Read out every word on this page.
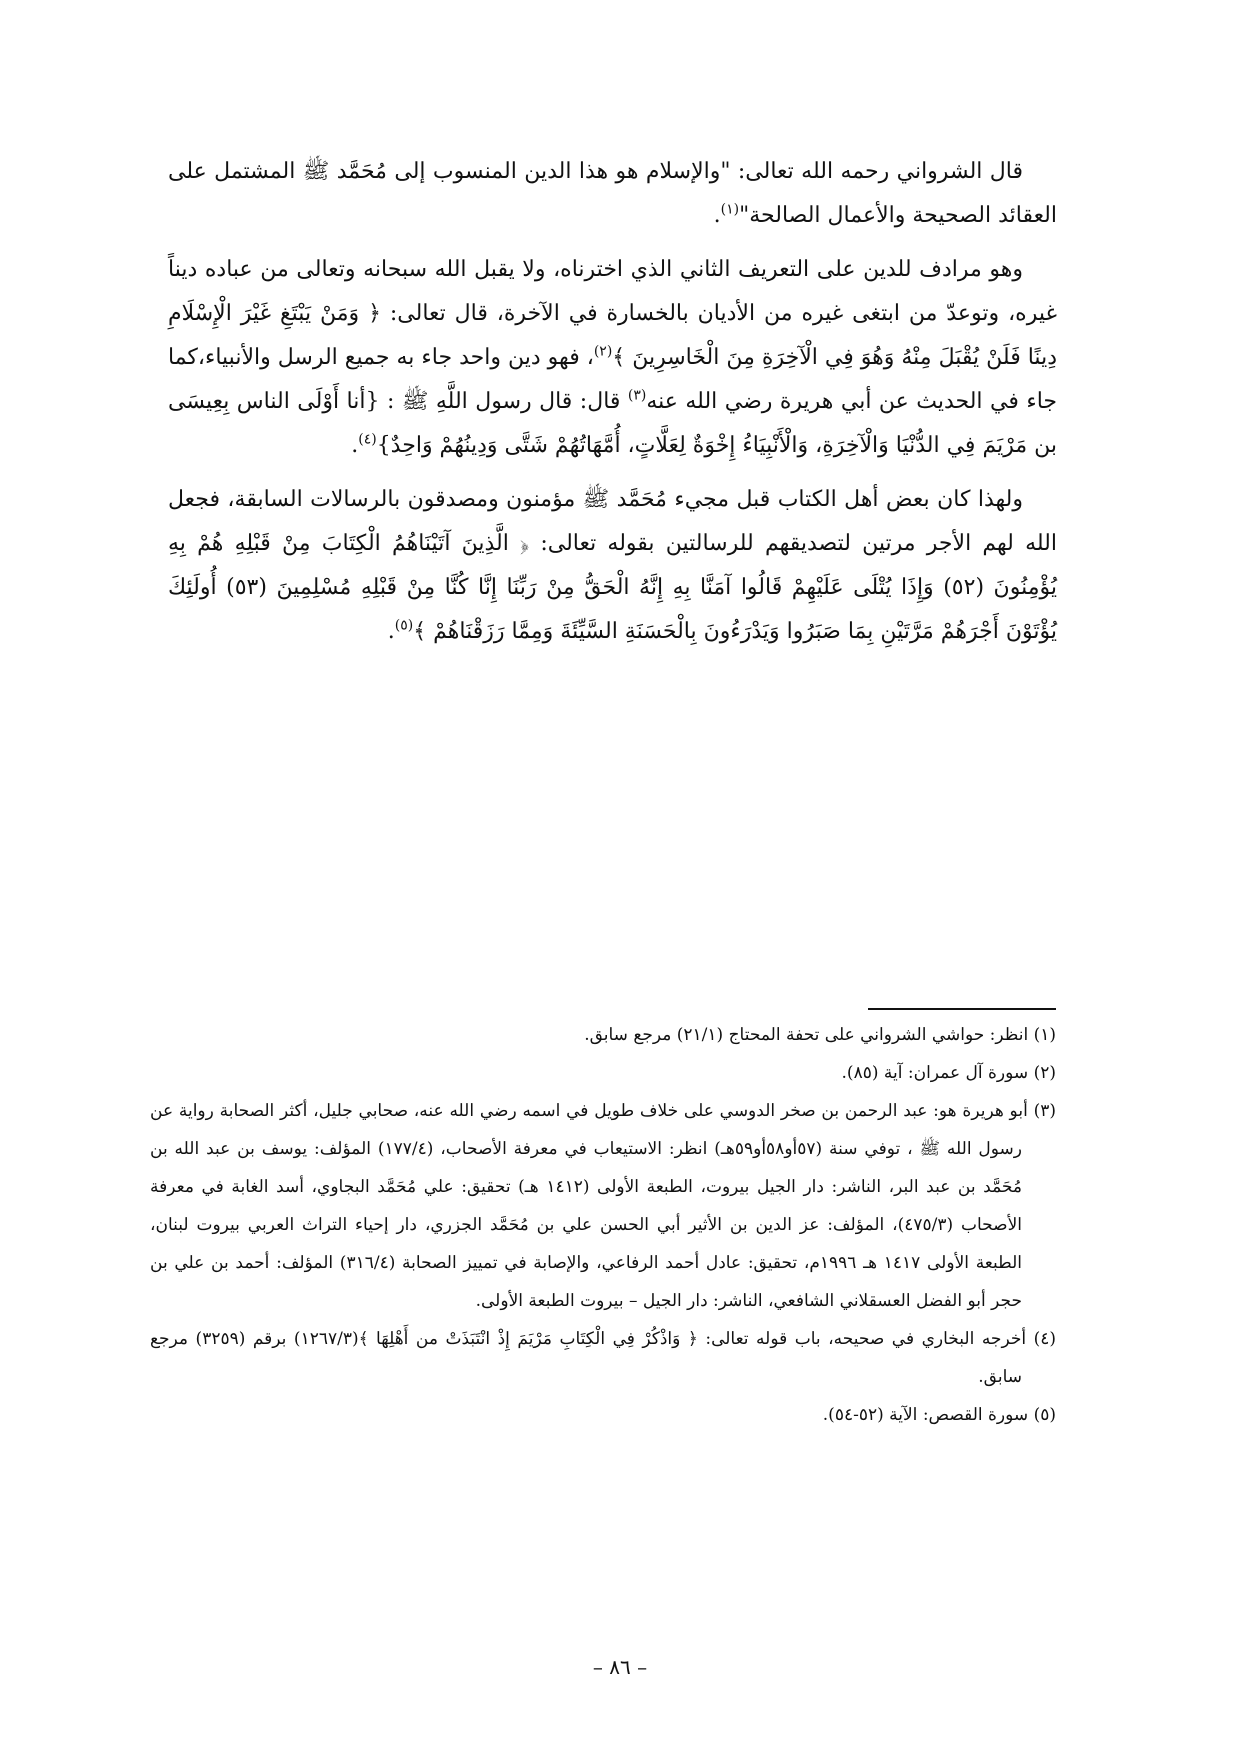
قال الشرواني رحمه الله تعالى: "والإسلام هو هذا الدين المنسوب إلى مُحَمَّد ﷺ المشتمل على العقائد الصحيحة والأعمال الصالحة"$^{(١)}$.

وهو مرادف للدين على التعريف الثاني الذي اخترناه، ولا يقبل الله سبحانه وتعالى من عباده ديناً غيره، وتوعدّ من ابتغى غيره من الأديان بالخسارة في الآخرة، قال تعالى: ﴿ وَمَنْ يَبْتَغِ غَيْرَ الْإِسْلَامِ دِينًا فَلَنْ يُقْبَلَ مِنْهُ وَهُوَ فِي الْآخِرَةِ مِنَ الْخَاسِرِينَ ﴾$^{(٢)}$، فهو دين واحد جاء به جميع الرسل والأنبياء،كما جاء في الحديث عن أبي هريرة رضي الله عنه$^{(٣)}$ قال: قال رسول اللَّهِ ﷺ : {أنا أَوْلَى الناس بِعِيسَى بن مَرْيَمَ فِي الدُّنْيَا وَالْآخِرَةِ، وَالْأَنْبِيَاءُ إِخْوَةٌ لِعَلَّاتٍ، أُمَّهَاتُهُمْ شَتَّى وَدِينُهُمْ وَاحِدٌ}$^{(٤)}$.

ولهذا كان بعض أهل الكتاب قبل مجيء مُحَمَّد ﷺ مؤمنون ومصدقون بالرسالات السابقة، فجعل الله لهم الأجر مرتين لتصديقهم للرسالتين بقوله تعالى: ﴿ الَّذِينَ آتَيْنَاهُمُ الْكِتَابَ مِنْ قَبْلِهِ هُمْ بِهِ يُؤْمِنُونَ (٥٢) وَإِذَا يُتْلَى عَلَيْهِمْ قَالُوا آمَنَّا بِهِ إِنَّهُ الْحَقُّ مِنْ رَبِّنَا إِنَّا كُنَّا مِنْ قَبْلِهِ مُسْلِمِينَ (٥٣) أُولَئِكَ يُؤْتَوْنَ أَجْرَهُمْ مَرَّتَيْنِ بِمَا صَبَرُوا وَيَدْرَءُونَ بِالْحَسَنَةِ السَّيِّئَةَ وَمِمَّا رَزَقْنَاهُمْ ﴾$^{(٥)}$.

(١) انظر: حواشي الشرواني على تحفة المحتاج (٢١/١) مرجع سابق.

(٢) سورة آل عمران: آية (٨٥).

(٣) أبو هريرة هو: عبد الرحمن بن صخر الدوسي على خلاف طويل في اسمه رضي الله عنه، صحابي جليل، أكثر الصحابة رواية عن رسول الله ﷺ ، توفي سنة (٥٧أو٥٨أو٥٩هـ) انظر: الاستيعاب في معرفة الأصحاب، (١٧٧/٤) المؤلف: يوسف بن عبد الله بن مُحَمَّد بن عبد البر، الناشر: دار الجيل بيروت، الطبعة الأولى (١٤١٢ هـ) تحقيق: علي مُحَمَّد البجاوي، أسد الغابة في معرفة الأصحاب (٤٧٥/٣)، المؤلف: عز الدين بن الأثير أبي الحسن علي بن مُحَمَّد الجزري، دار إحياء التراث العربي بيروت لبنان، الطبعة الأولى ١٤١٧ هـ ١٩٩٦م، تحقيق: عادل أحمد الرفاعي، والإصابة في تمييز الصحابة (٣١٦/٤) المؤلف: أحمد بن علي بن حجر أبو الفضل العسقلاني الشافعي، الناشر: دار الجيل – بيروت الطبعة الأولى.

(٤) أخرجه البخاري في صحيحه، باب قوله تعالى: ﴿ وَاذْكُرْ فِي الْكِتَابِ مَرْيَمَ إِذْ انْتَبَذَتْ من أَهْلِهَا ﴾(١٢٦٧/٣) برقم (٣٢٥٩) مرجع سابق.

(٥) سورة القصص: الآية (٥٢-٥٤).

– ٨٦ –
